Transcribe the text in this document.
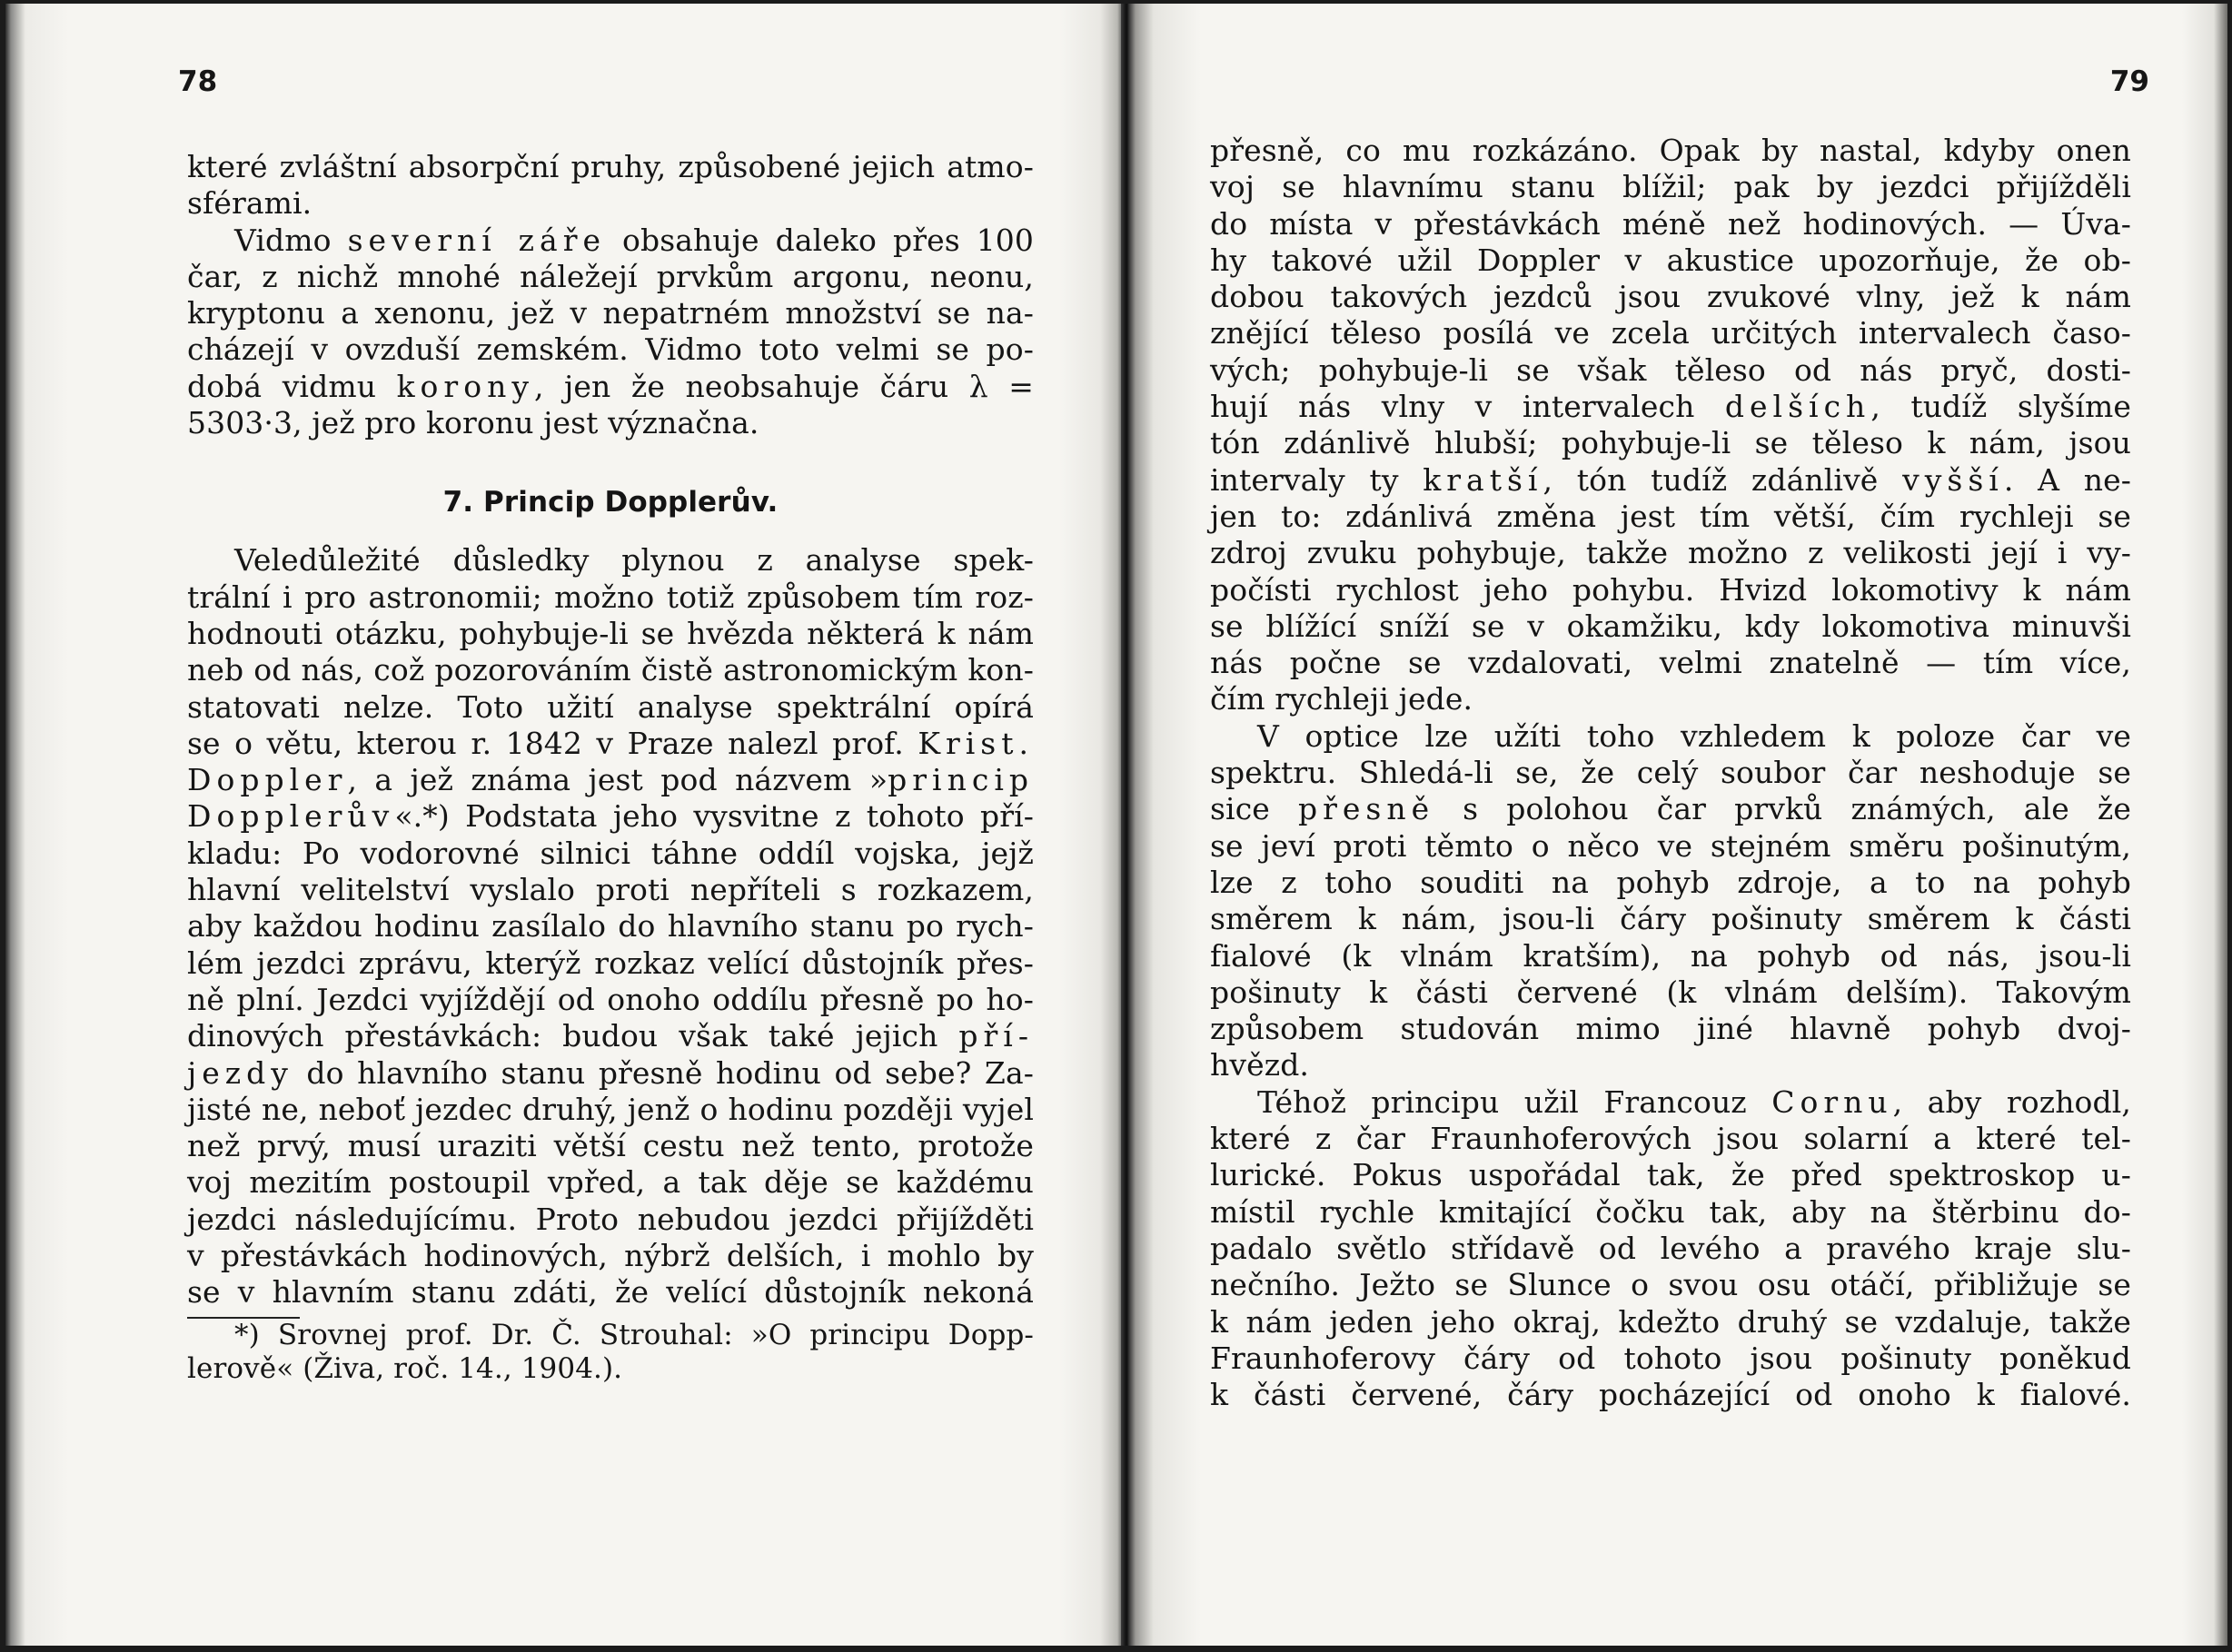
78

které zvláštní absorpční pruhy, způsobené jejich atmo-

sférami.

Vidmo severní záře obsahuje daleko přes 100

čar, z nichž mnohé náležejí prvkům argonu, neonu,

kryptonu a xenonu, jež v nepatrném množství se na-

cházejí v ovzduší zemském. Vidmo toto velmi se po-

dobá vidmu korony, jen že neobsahuje čáru λ =

5303·3, jež pro koronu jest význačna.

7. Princip Dopplerův.

Veledůležité důsledky plynou z analyse spek-

trální i pro astronomii; možno totiž způsobem tím roz-

hodnouti otázku, pohybuje-li se hvězda některá k nám

neb od nás, což pozorováním čistě astronomickým kon-

statovati nelze. Toto užití analyse spektrální opírá

se o větu, kterou r. 1842 v Praze nalezl prof. Krist.

Doppler, a jež známa jest pod názvem »princip

Dopplerův«.*) Podstata jeho vysvitne z tohoto pří-

kladu: Po vodorovné silnici táhne oddíl vojska, jejž

hlavní velitelství vyslalo proti nepříteli s rozkazem,

aby každou hodinu zasílalo do hlavního stanu po rych-

lém jezdci zprávu, kterýž rozkaz velící důstojník přes-

ně plní. Jezdci vyjíždějí od onoho oddílu přesně po ho-

dinových přestávkách: budou však také jejich pří-

jezdy do hlavního stanu přesně hodinu od sebe? Za-

jisté ne, neboť jezdec druhý, jenž o hodinu později vyjel

než prvý, musí uraziti větší cestu než tento, protože

voj mezitím postoupil vpřed, a tak děje se každému

jezdci následujícímu. Proto nebudou jezdci přijížděti

v přestávkách hodinových, nýbrž delších, i mohlo by

se v hlavním stanu zdáti, že velící důstojník nekoná

*) Srovnej prof. Dr. Č. Strouhal: »O principu Dopp-

lerově« (Živa, roč. 14., 1904.).

79

přesně, co mu rozkázáno. Opak by nastal, kdyby onen

voj se hlavnímu stanu blížil; pak by jezdci přijížděli

do místa v přestávkách méně než hodinových. — Úva-

hy takové užil Doppler v akustice upozorňuje, že ob-

dobou takových jezdců jsou zvukové vlny, jež k nám

znějící těleso posílá ve zcela určitých intervalech časo-

vých; pohybuje-li se však těleso od nás pryč, dosti-

hují nás vlny v intervalech delších, tudíž slyšíme

tón zdánlivě hlubší; pohybuje-li se těleso k nám, jsou

intervaly ty kratší, tón tudíž zdánlivě vyšší. A ne-

jen to: zdánlivá změna jest tím větší, čím rychleji se

zdroj zvuku pohybuje, takže možno z velikosti její i vy-

počísti rychlost jeho pohybu. Hvizd lokomotivy k nám

se blížící sníží se v okamžiku, kdy lokomotiva minuvši

nás počne se vzdalovati, velmi znatelně — tím více,

čím rychleji jede.

V optice lze užíti toho vzhledem k poloze čar ve

spektru. Shledá-li se, že celý soubor čar neshoduje se

sice přesně s polohou čar prvků známých, ale že

se jeví proti těmto o něco ve stejném směru pošinutým,

lze z toho souditi na pohyb zdroje, a to na pohyb

směrem k nám, jsou-li čáry pošinuty směrem k části

fialové (k vlnám kratším), na pohyb od nás, jsou-li

pošinuty k části červené (k vlnám delším). Takovým

způsobem studován mimo jiné hlavně pohyb dvoj-

hvězd.

Téhož principu užil Francouz Cornu, aby rozhodl,

které z čar Fraunhoferových jsou solarní a které tel-

lurické. Pokus uspořádal tak, že před spektroskop u-

místil rychle kmitající čočku tak, aby na štěrbinu do-

padalo světlo střídavě od levého a pravého kraje slu-

nečního. Ježto se Slunce o svou osu otáčí, přibližuje se

k nám jeden jeho okraj, kdežto druhý se vzdaluje, takže

Fraunhoferovy čáry od tohoto jsou pošinuty poněkud

k části červené, čáry pocházející od onoho k fialové.
